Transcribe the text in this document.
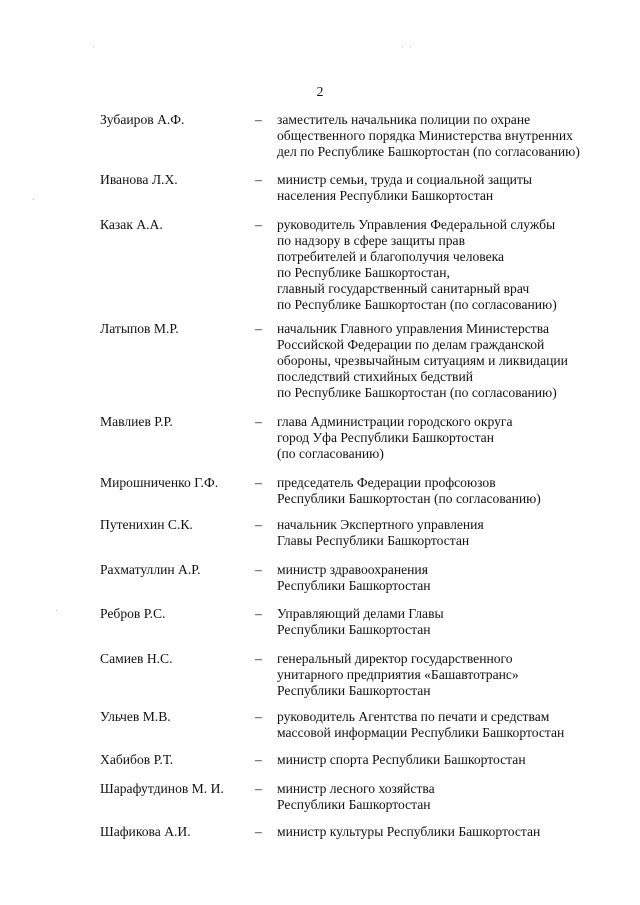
2
Зубаиров А.Ф.	– заместитель начальника полиции по охране
общественного порядка Министерства внутренних
дел по Республике Башкортостан (по согласованию)
Иванова Л.Х.	– министр семьи, труда и социальной защиты
населения Республики Башкортостан
Казак А.А.	– руководитель Управления Федеральной службы
по надзору в сфере защиты прав
потребителей и благополучия человека
по Республике Башкортостан,
главный государственный санитарный врач
по Республике Башкортостан (по согласованию)
Латыпов М.Р.	– начальник Главного управления Министерства
Российской Федерации по делам гражданской
обороны, чрезвычайным ситуациям и ликвидации
последствий стихийных бедствий
по Республике Башкортостан (по согласованию)
Мавлиев Р.Р.	– глава Администрации городского округа
город Уфа Республики Башкортостан
(по согласованию)
Мирошниченко Г.Ф.	– председатель Федерации профсоюзов
Республики Башкортостан (по согласованию)
Путенихин С.К.	– начальник Экспертного управления
Главы Республики Башкортостан
Рахматуллин А.Р.	– министр здравоохранения
Республики Башкортостан
Ребров Р.С.	– Управляющий делами Главы
Республики Башкортостан
Самиев Н.С.	– генеральный директор государственного
унитарного предприятия «Башавтотранс»
Республики Башкортостан
Ульчев М.В.	– руководитель Агентства по печати и средствам
массовой информации Республики Башкортостан
Хабибов Р.Т.	– министр спорта Республики Башкортостан
Шарафутдинов М. И. – министр лесного хозяйства
Республики Башкортостан
Шафикова А.И.	– министр культуры Республики Башкортостан
